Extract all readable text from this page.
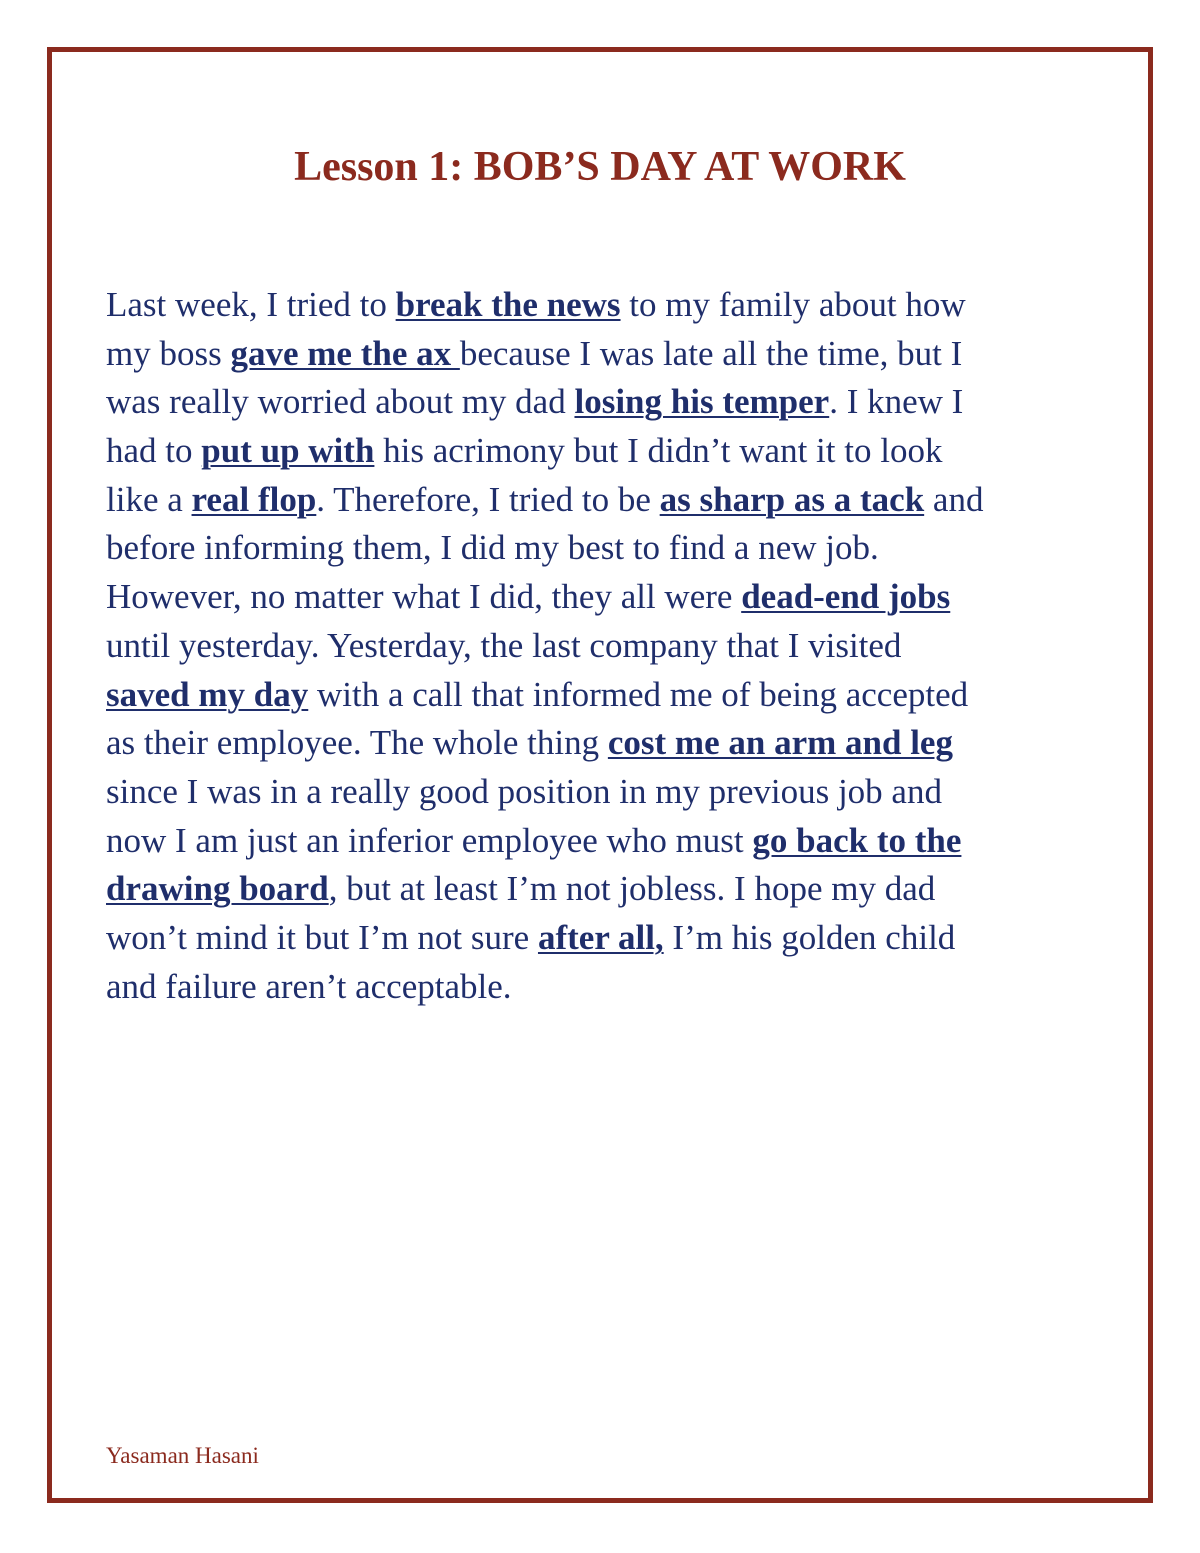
Lesson 1: BOB’S DAY AT WORK
Last week, I tried to break the news to my family about how
my boss gave me the ax because I was late all the time, but I
was really worried about my dad losing his temper. I knew I
had to put up with his acrimony but I didn’t want it to look
like a real flop. Therefore, I tried to be as sharp as a tack and
before informing them, I did my best to find a new job.
However, no matter what I did, they all were dead-end jobs
until yesterday. Yesterday, the last company that I visited
saved my day with a call that informed me of being accepted
as their employee. The whole thing cost me an arm and leg
since I was in a really good position in my previous job and
now I am just an inferior employee who must go back to the
drawing board, but at least I’m not jobless. I hope my dad
won’t mind it but I’m not sure after all, I’m his golden child
and failure aren’t acceptable.
Yasaman Hasani
